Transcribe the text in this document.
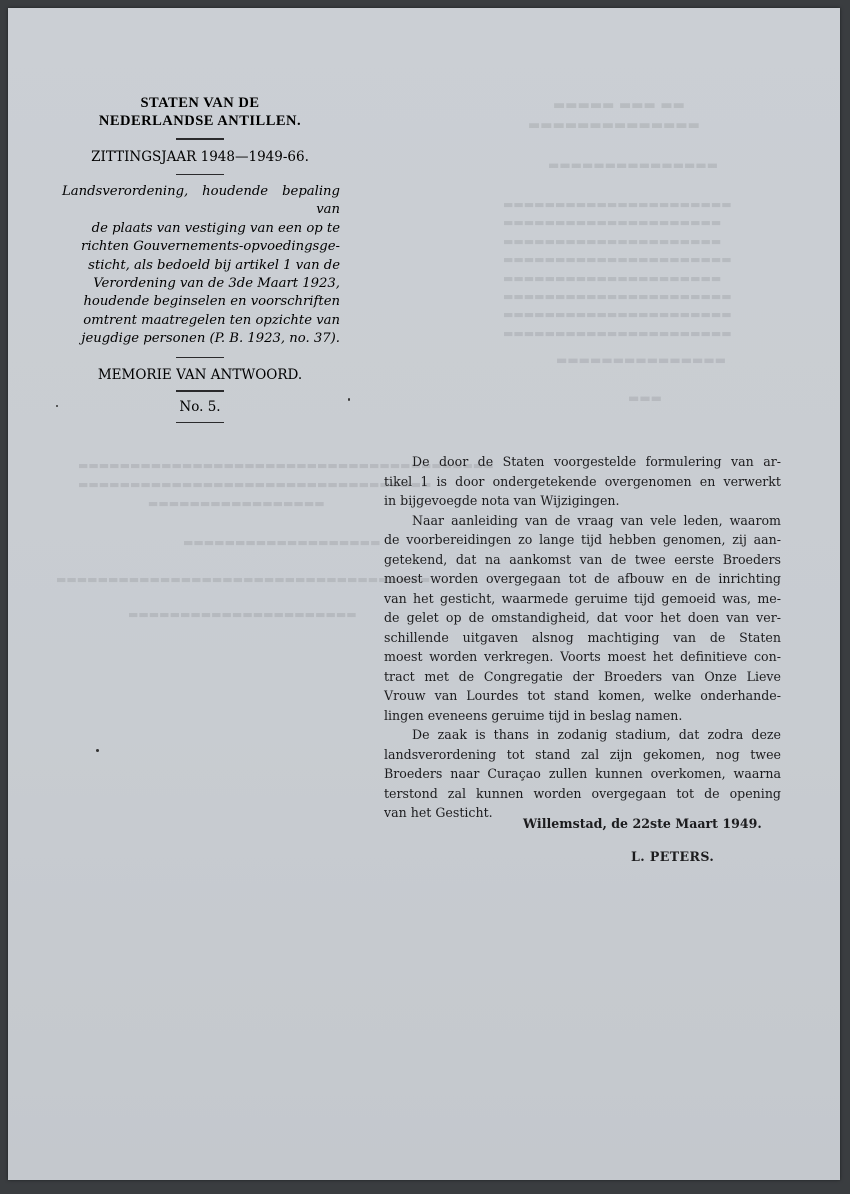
▬▬▬▬▬ ▬▬▬ ▬▬
▬▬▬▬▬▬▬▬▬▬▬▬▬▬
▬▬▬▬▬▬▬▬▬▬▬▬▬▬▬
▬▬▬▬▬▬▬▬▬▬▬▬▬▬▬▬▬▬▬▬▬▬
▬▬▬▬▬▬▬▬▬▬▬▬▬▬▬▬▬▬▬▬▬
▬▬▬▬▬▬▬▬▬▬▬▬▬▬▬▬▬▬▬▬▬
▬▬▬▬▬▬▬▬▬▬▬▬▬▬▬▬▬▬▬▬▬▬
▬▬▬▬▬▬▬▬▬▬▬▬▬▬▬▬▬▬▬▬▬
▬▬▬▬▬▬▬▬▬▬▬▬▬▬▬▬▬▬▬▬▬▬
▬▬▬▬▬▬▬▬▬▬▬▬▬▬▬▬▬▬▬▬▬▬
▬▬▬▬▬▬▬▬▬▬▬▬▬▬▬▬▬▬▬▬▬▬
▬▬▬▬▬▬▬▬▬▬▬▬▬▬▬
▬▬▬
▬▬▬▬▬▬▬▬▬▬▬▬▬▬▬▬▬▬▬▬▬▬▬▬▬▬▬▬▬▬▬▬▬▬▬▬▬▬▬▬
▬▬▬▬▬▬▬▬▬▬▬▬▬▬▬▬▬▬▬▬▬▬▬▬▬▬▬▬▬▬▬▬▬▬
▬▬▬▬▬▬▬▬▬▬▬▬▬▬▬▬▬
▬▬▬▬▬▬▬▬▬▬▬▬▬▬▬▬▬▬▬
▬▬▬▬▬▬▬▬▬▬▬▬▬▬▬▬▬▬▬▬▬▬▬▬▬▬▬▬▬▬▬▬▬▬▬▬
▬▬▬▬▬▬▬▬▬▬▬▬▬▬▬▬▬▬▬▬▬▬

STATEN VAN DE

NEDERLANDSE ANTILLEN.

ZITTINGSJAAR 1948—1949-66.

Landsverordening, houdende bepaling van
de plaats van vestiging van een op te
richten Gouvernements-opvoedingsge-
sticht, als bedoeld bij artikel 1 van de
Verordening van de 3de Maart 1923,
houdende beginselen en voorschriften
omtrent maatregelen ten opzichte van
jeugdige personen (P. B. 1923, no. 37).

MEMORIE VAN ANTWOORD.

No. 5.

De door de Staten voorgestelde formulering van ar-
tikel 1 is door ondergetekende overgenomen en verwerkt
in bijgevoegde nota van Wijzigingen.
Naar aanleiding van de vraag van vele leden, waarom
de voorbereidingen zo lange tijd hebben genomen, zij aan-
getekend, dat na aankomst van de twee eerste Broeders
moest worden overgegaan tot de afbouw en de inrichting
van het gesticht, waarmede geruime tijd gemoeid was, me-
de gelet op de omstandigheid, dat voor het doen van ver-
schillende uitgaven alsnog machtiging van de Staten
moest worden verkregen. Voorts moest het definitieve con-
tract met de Congregatie der Broeders van Onze Lieve
Vrouw van Lourdes tot stand komen, welke onderhande-
lingen eveneens geruime tijd in beslag namen.
De zaak is thans in zodanig stadium, dat zodra deze
landsverordening tot stand zal zijn gekomen, nog twee
Broeders naar Curaçao zullen kunnen overkomen, waarna
terstond zal kunnen worden overgegaan tot de opening
van het Gesticht.
Willemstad, de 22ste Maart 1949.
L. PETERS.
